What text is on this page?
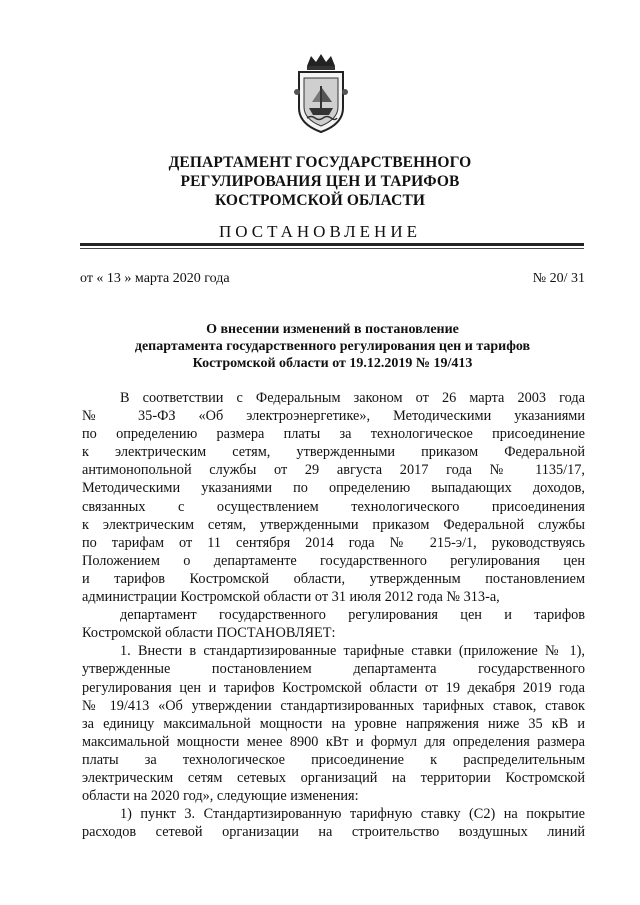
ДЕПАРТАМЕНТ ГОСУДАРСТВЕННОГО
РЕГУЛИРОВАНИЯ ЦЕН И ТАРИФОВ
КОСТРОМСКОЙ ОБЛАСТИ
ПОСТАНОВЛЕНИЕ
от « 13 » марта 2020 года	№ 20/ 31
О внесении изменений в постановление
департамента государственного регулирования цен и тарифов
Костромской области от 19.12.2019 № 19/413
В соответствии с Федеральным законом от 26 марта 2003 года
№ 35-ФЗ «Об электроэнергетике», Методическими указаниями
по определению размера платы за технологическое присоединение
к электрическим сетям, утвержденными приказом Федеральной
антимонопольной службы от 29 августа 2017 года № 1135/17,
Методическими указаниями по определению выпадающих доходов,
связанных с осуществлением технологического присоединения
к электрическим сетям, утвержденными приказом Федеральной службы
по тарифам от 11 сентября 2014 года № 215-э/1, руководствуясь
Положением о департаменте государственного регулирования цен
и тарифов Костромской области, утвержденным постановлением
администрации Костромской области от 31 июля 2012 года № 313-а,
департамент государственного регулирования цен и тарифов
Костромской области ПОСТАНОВЛЯЕТ:
1. Внести в стандартизированные тарифные ставки (приложение № 1),
утвержденные постановлением департамента государственного
регулирования цен и тарифов Костромской области от 19 декабря 2019 года
№ 19/413 «Об утверждении стандартизированных тарифных ставок, ставок
за единицу максимальной мощности на уровне напряжения ниже 35 кВ и
максимальной мощности менее 8900 кВт и формул для определения размера
платы за технологическое присоединение к распределительным
электрическим сетям сетевых организаций на территории Костромской
области на 2020 год», следующие изменения:
1) пункт 3. Стандартизированную тарифную ставку (С2) на покрытие
расходов сетевой организации на строительство воздушных линий
